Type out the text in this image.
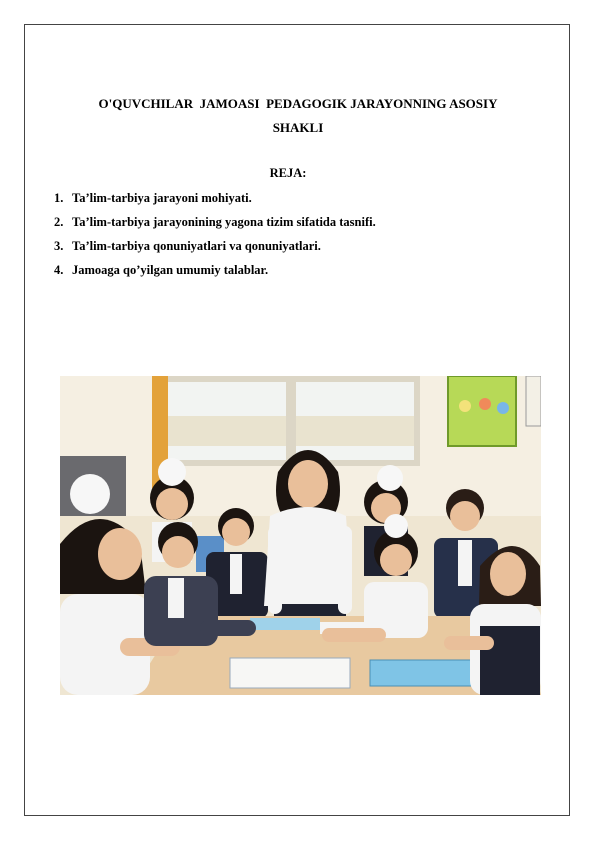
O'QUVCHILAR  JAMOASI  PEDAGOGIK JARAYONNING ASOSIY
SHAKLI

REJA:

1. Ta’lim-tarbiya jarayoni mohiyati.
2. Ta’lim-tarbiya jarayonining yagona tizim sifatida tasnifi.
3. Ta’lim-tarbiya qonuniyatlari va qonuniyatlari.
4. Jamoaga qo’yilgan umumiy talablar.
